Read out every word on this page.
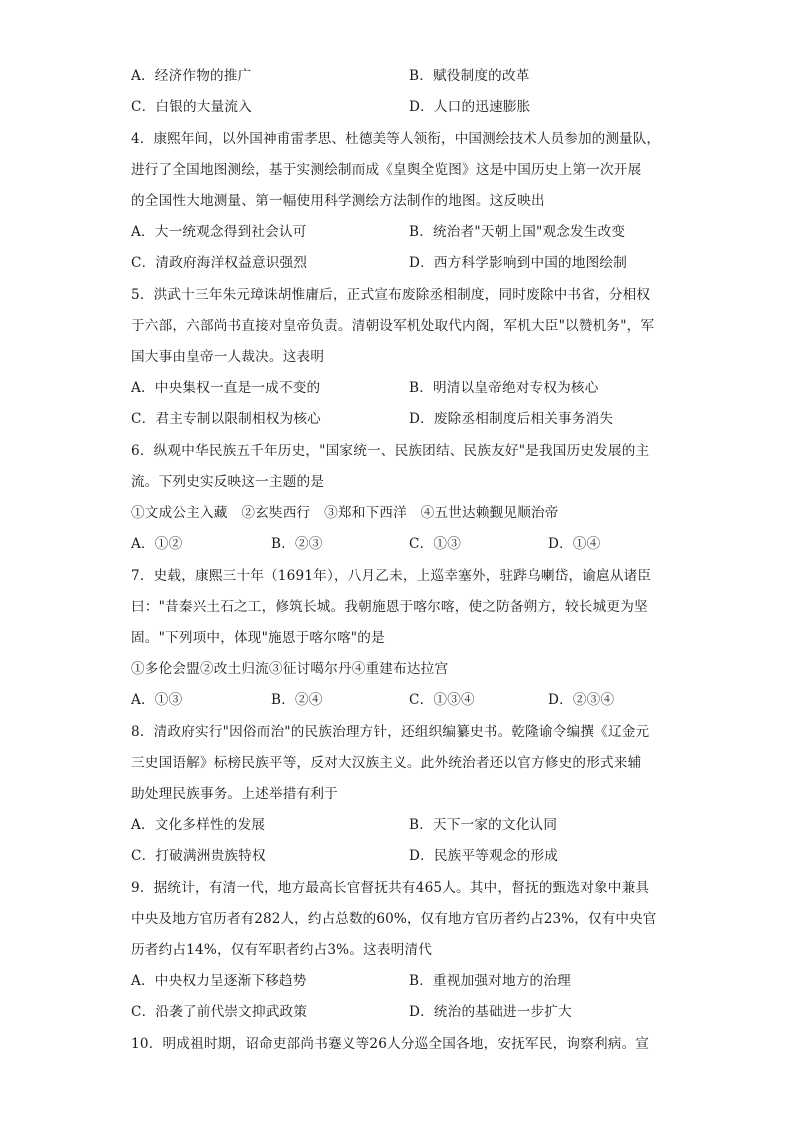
A．经济作物的推广	B．赋役制度的改革
C．白银的大量流入	D．人口的迅速膨胀
4．康熙年间，以外国神甫雷孝思、杜德美等人领衔，中国测绘技术人员参加的测量队，
进行了全国地图测绘，基于实测绘制而成《皇舆全览图》这是中国历史上第一次开展
的全国性大地测量、第一幅使用科学测绘方法制作的地图。这反映出
A．大一统观念得到社会认可	B．统治者"天朝上国"观念发生改变
C．清政府海洋权益意识强烈	D．西方科学影响到中国的地图绘制
5．洪武十三年朱元璋诛胡惟庸后，正式宣布废除丞相制度，同时废除中书省，分相权
于六部，六部尚书直接对皇帝负责。清朝设军机处取代内阁，军机大臣"以赞机务"，军
国大事由皇帝一人裁决。这表明
A．中央集权一直是一成不变的	B．明清以皇帝绝对专权为核心
C．君主专制以限制相权为核心	D．废除丞相制度后相关事务消失
6．纵观中华民族五千年历史，"国家统一、民族团结、民族友好"是我国历史发展的主
流。下列史实反映这一主题的是
①文成公主入藏　②玄奘西行　③郑和下西洋　④五世达赖觐见顺治帝
A．①②	B．②③	C．①③	D．①④
7．史载，康熙三十年（1691年），八月乙未，上巡幸塞外，驻跸乌喇岱，谕扈从诸臣
曰："昔秦兴土石之工，修筑长城。我朝施恩于喀尔喀，使之防备朔方，较长城更为坚
固。"下列项中，体现"施恩于喀尔喀"的是
①多伦会盟②改土归流③征讨噶尔丹④重建布达拉宫
A．①③	B．②④	C．①③④	D．②③④
8．清政府实行"因俗而治"的民族治理方针，还组织编纂史书。乾隆谕令编撰《辽金元
三史国语解》标榜民族平等，反对大汉族主义。此外统治者还以官方修史的形式来辅
助处理民族事务。上述举措有利于
A．文化多样性的发展	B．天下一家的文化认同
C．打破满洲贵族特权	D．民族平等观念的形成
9．据统计，有清一代，地方最高长官督抚共有465人。其中，督抚的甄选对象中兼具
中央及地方官历者有282人，约占总数的60%，仅有地方官历者约占23%，仅有中央官
历者约占14%，仅有军职者约占3%。这表明清代
A．中央权力呈逐渐下移趋势	B．重视加强对地方的治理
C．沿袭了前代崇文抑武政策	D．统治的基础进一步扩大
10．明成祖时期，诏命吏部尚书蹇义等26人分巡全国各地，安抚军民，询察利病。宣
